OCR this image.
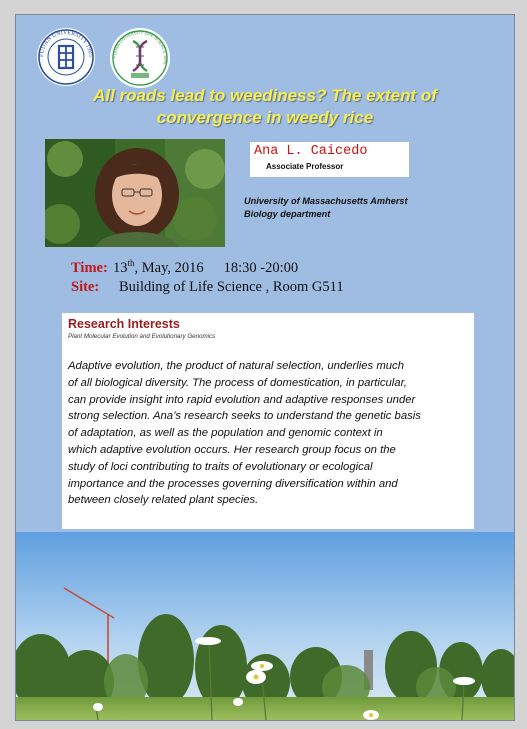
FUDAN UNIVERSITY 1905	FUDAN UNIVERSITY LIFE SCIENCE 1905
All roads lead to weediness? The extent of
convergence in weedy rice
Ana L. Caicedo
Associate Professor
University of Massachusetts Amherst
Biology department
Time: 13th, May, 2016 18:30 -20:00
Site: Building of Life Science , Room G511
Research Interests
Plant Molecular Evolution and Evolutionary Genomics
Adaptive evolution, the product of natural selection, underlies much
of all biological diversity. The process of domestication, in particular,
can provide insight into rapid evolution and adaptive responses under
strong selection. Ana’s research seeks to understand the genetic basis
of adaptation, as well as the population and genomic context in
which adaptive evolution occurs. Her research group focus on the
study of loci contributing to traits of evolutionary or ecological
importance and the processes governing diversification within and
between closely related plant species.
